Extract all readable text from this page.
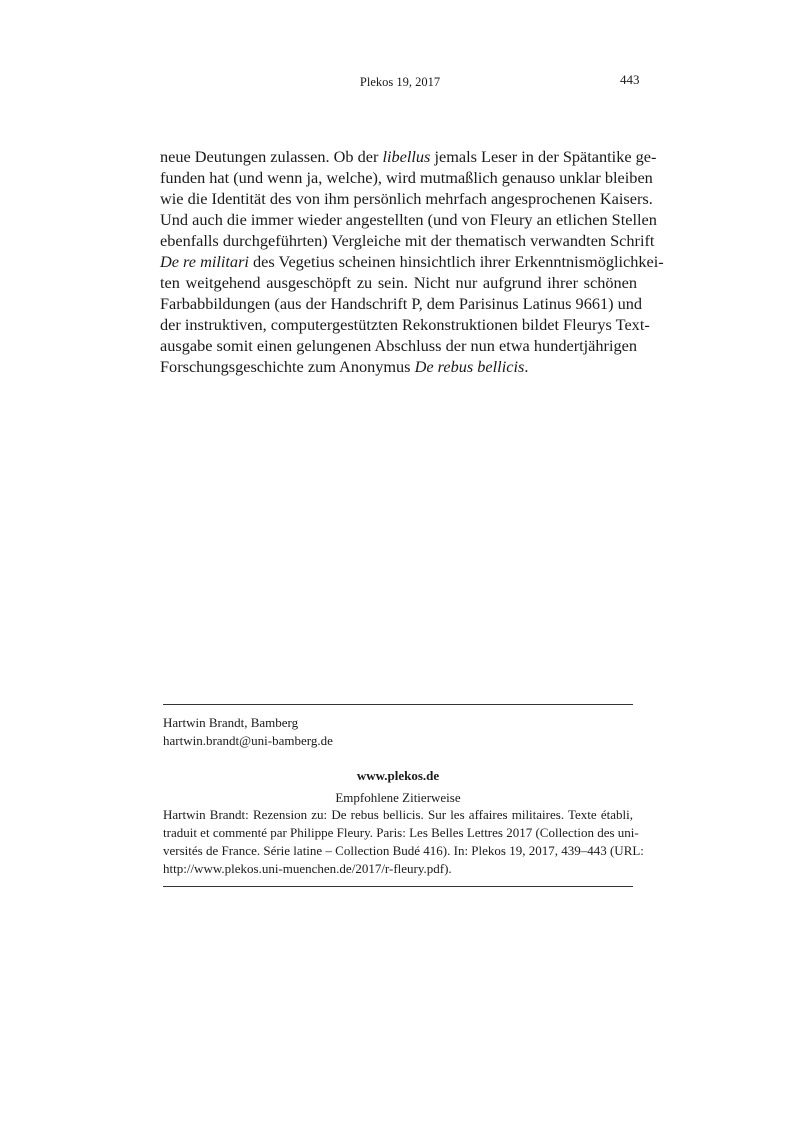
Plekos 19, 2017	443
neue Deutungen zulassen. Ob der libellus jemals Leser in der Spätantike ge-
funden hat (und wenn ja, welche), wird mutmaßlich genauso unklar bleiben
wie die Identität des von ihm persönlich mehrfach angesprochenen Kaisers.
Und auch die immer wieder angestellten (und von Fleury an etlichen Stellen
ebenfalls durchgeführten) Vergleiche mit der thematisch verwandten Schrift
De re militari des Vegetius scheinen hinsichtlich ihrer Erkenntnismöglichkei-
ten weitgehend ausgeschöpft zu sein. Nicht nur aufgrund ihrer schönen
Farbabbildungen (aus der Handschrift P, dem Parisinus Latinus 9661) und
der instruktiven, computergestützten Rekonstruktionen bildet Fleurys Text-
ausgabe somit einen gelungenen Abschluss der nun etwa hundertjährigen
Forschungsgeschichte zum Anonymus De rebus bellicis.
Hartwin Brandt, Bamberg
hartwin.brandt@uni-bamberg.de
www.plekos.de
Empfohlene Zitierweise
Hartwin Brandt: Rezension zu: De rebus bellicis. Sur les affaires militaires. Texte établi,
traduit et commenté par Philippe Fleury. Paris: Les Belles Lettres 2017 (Collection des uni-
versités de France. Série latine – Collection Budé 416). In: Plekos 19, 2017, 439–443 (URL:
http://www.plekos.uni-muenchen.de/2017/r-fleury.pdf).
